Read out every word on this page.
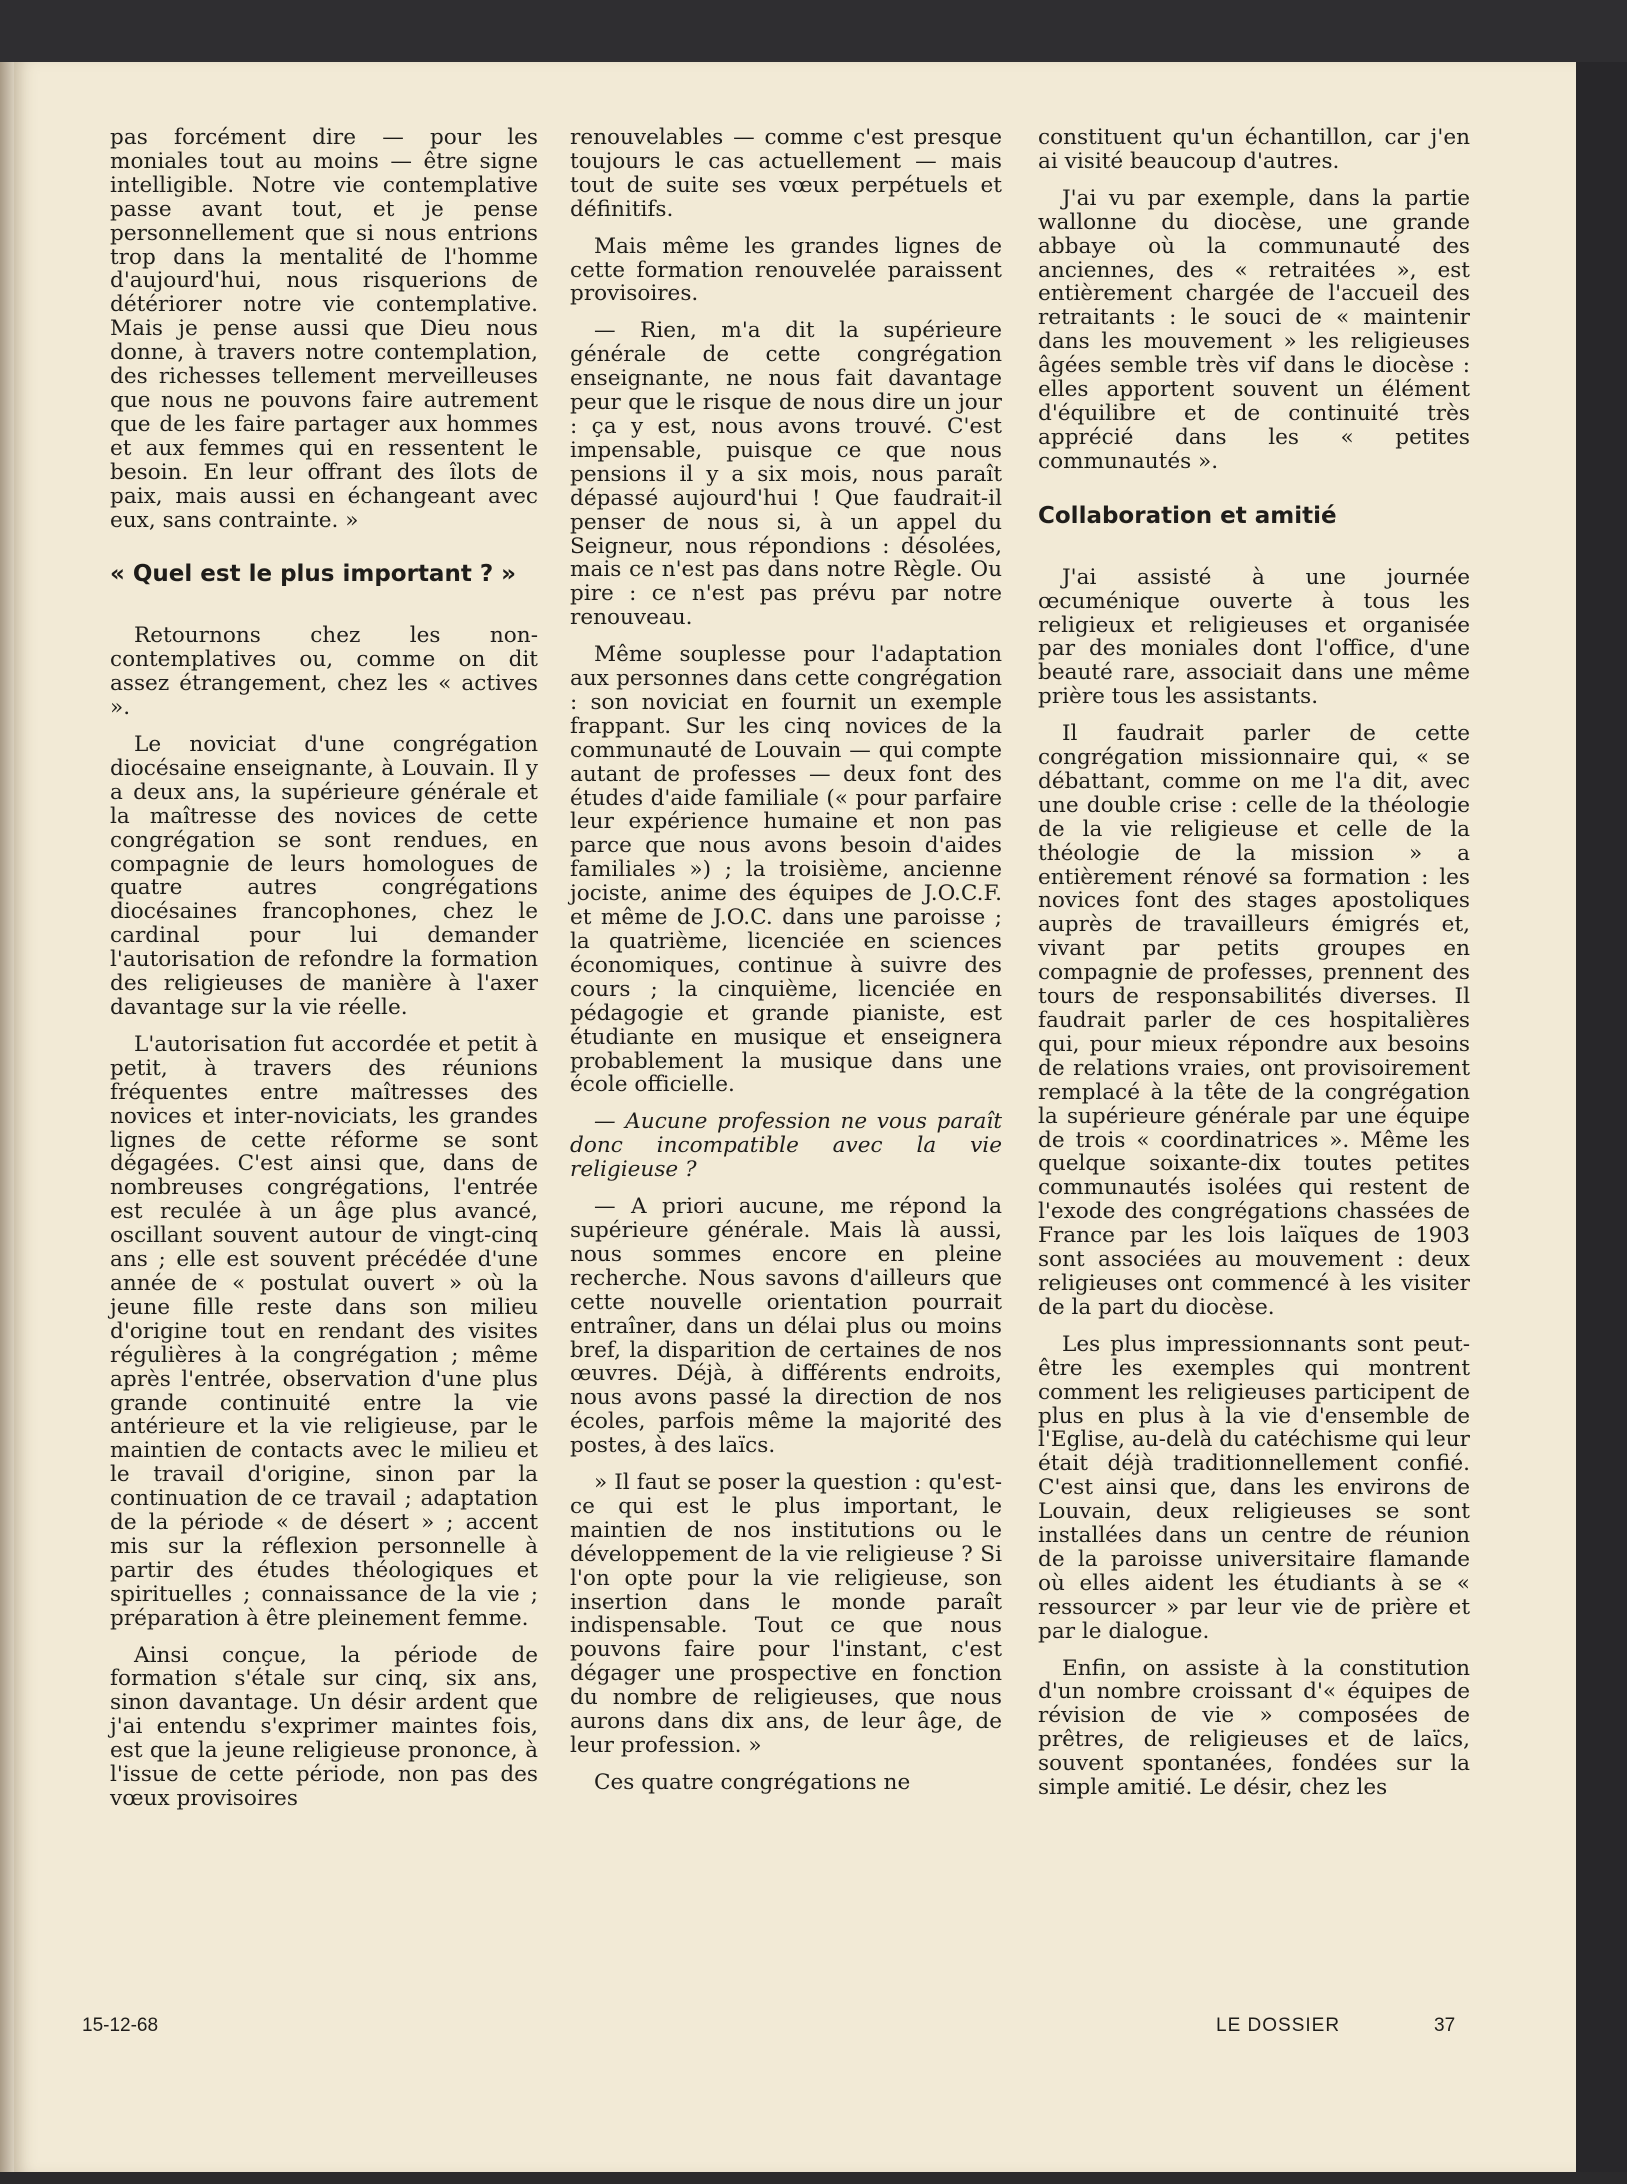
pas forcément dire — pour les moniales tout au moins — être signe intelligible. Notre vie contemplative passe avant tout, et je pense personnellement que si nous entrions trop dans la mentalité de l'homme d'aujourd'hui, nous risquerions de détériorer notre vie contemplative. Mais je pense aussi que Dieu nous donne, à travers notre contemplation, des richesses tellement merveilleuses que nous ne pouvons faire autrement que de les faire partager aux hommes et aux femmes qui en ressentent le besoin. En leur offrant des îlots de paix, mais aussi en échangeant avec eux, sans contrainte. »

« Quel est le plus important ? »

Retournons chez les non-contemplatives ou, comme on dit assez étrangement, chez les « actives ».

Le noviciat d'une congrégation diocésaine enseignante, à Louvain. Il y a deux ans, la supérieure générale et la maîtresse des novices de cette congrégation se sont rendues, en compagnie de leurs homologues de quatre autres congrégations diocésaines francophones, chez le cardinal pour lui demander l'autorisation de refondre la formation des religieuses de manière à l'axer davantage sur la vie réelle.

L'autorisation fut accordée et petit à petit, à travers des réunions fréquentes entre maîtresses des novices et inter-noviciats, les grandes lignes de cette réforme se sont dégagées. C'est ainsi que, dans de nombreuses congrégations, l'entrée est reculée à un âge plus avancé, oscillant souvent autour de vingt-cinq ans ; elle est souvent précédée d'une année de « postulat ouvert » où la jeune fille reste dans son milieu d'origine tout en rendant des visites régulières à la congrégation ; même après l'entrée, observation d'une plus grande continuité entre la vie antérieure et la vie religieuse, par le maintien de contacts avec le milieu et le travail d'origine, sinon par la continuation de ce travail ; adaptation de la période « de désert » ; accent mis sur la réflexion personnelle à partir des études théologiques et spirituelles ; connaissance de la vie ; préparation à être pleinement femme.

Ainsi conçue, la période de formation s'étale sur cinq, six ans, sinon davantage. Un désir ardent que j'ai entendu s'exprimer maintes fois, est que la jeune religieuse prononce, à l'issue de cette période, non pas des vœux provisoires

renouvelables — comme c'est presque toujours le cas actuellement — mais tout de suite ses vœux perpétuels et définitifs.

Mais même les grandes lignes de cette formation renouvelée paraissent provisoires.

— Rien, m'a dit la supérieure générale de cette congrégation enseignante, ne nous fait davantage peur que le risque de nous dire un jour : ça y est, nous avons trouvé. C'est impensable, puisque ce que nous pensions il y a six mois, nous paraît dépassé aujourd'hui ! Que faudrait-il penser de nous si, à un appel du Seigneur, nous répondions : désolées, mais ce n'est pas dans notre Règle. Ou pire : ce n'est pas prévu par notre renouveau.

Même souplesse pour l'adaptation aux personnes dans cette congrégation : son noviciat en fournit un exemple frappant. Sur les cinq novices de la communauté de Louvain — qui compte autant de professes — deux font des études d'aide familiale (« pour parfaire leur expérience humaine et non pas parce que nous avons besoin d'aides familiales ») ; la troisième, ancienne jociste, anime des équipes de J.O.C.F. et même de J.O.C. dans une paroisse ; la quatrième, licenciée en sciences économiques, continue à suivre des cours ; la cinquième, licenciée en pédagogie et grande pianiste, est étudiante en musique et enseignera probablement la musique dans une école officielle.

— Aucune profession ne vous paraît donc incompatible avec la vie religieuse ?

— A priori aucune, me répond la supérieure générale. Mais là aussi, nous sommes encore en pleine recherche. Nous savons d'ailleurs que cette nouvelle orientation pourrait entraîner, dans un délai plus ou moins bref, la disparition de certaines de nos œuvres. Déjà, à différents endroits, nous avons passé la direction de nos écoles, parfois même la majorité des postes, à des laïcs.

» Il faut se poser la question : qu'est-ce qui est le plus important, le maintien de nos institutions ou le développement de la vie religieuse ? Si l'on opte pour la vie religieuse, son insertion dans le monde paraît indispensable. Tout ce que nous pouvons faire pour l'instant, c'est dégager une prospective en fonction du nombre de religieuses, que nous aurons dans dix ans, de leur âge, de leur profession. »

Ces quatre congrégations ne

constituent qu'un échantillon, car j'en ai visité beaucoup d'autres.

J'ai vu par exemple, dans la partie wallonne du diocèse, une grande abbaye où la communauté des anciennes, des « retraitées », est entièrement chargée de l'accueil des retraitants : le souci de « maintenir dans les mouvement » les religieuses âgées semble très vif dans le diocèse : elles apportent souvent un élément d'équilibre et de continuité très apprécié dans les « petites communautés ».

Collaboration et amitié

J'ai assisté à une journée œcuménique ouverte à tous les religieux et religieuses et organisée par des moniales dont l'office, d'une beauté rare, associait dans une même prière tous les assistants.

Il faudrait parler de cette congrégation missionnaire qui, « se débattant, comme on me l'a dit, avec une double crise : celle de la théologie de la vie religieuse et celle de la théologie de la mission » a entièrement rénové sa formation : les novices font des stages apostoliques auprès de travailleurs émigrés et, vivant par petits groupes en compagnie de professes, prennent des tours de responsabilités diverses. Il faudrait parler de ces hospitalières qui, pour mieux répondre aux besoins de relations vraies, ont provisoirement remplacé à la tête de la congrégation la supérieure générale par une équipe de trois « coordinatrices ». Même les quelque soixante-dix toutes petites communautés isolées qui restent de l'exode des congrégations chassées de France par les lois laïques de 1903 sont associées au mouvement : deux religieuses ont commencé à les visiter de la part du diocèse.

Les plus impressionnants sont peut-être les exemples qui montrent comment les religieuses participent de plus en plus à la vie d'ensemble de l'Eglise, au-delà du catéchisme qui leur était déjà traditionnellement confié. C'est ainsi que, dans les environs de Louvain, deux religieuses se sont installées dans un centre de réunion de la paroisse universitaire flamande où elles aident les étudiants à se « ressourcer » par leur vie de prière et par le dialogue.

Enfin, on assiste à la constitution d'un nombre croissant d'« équipes de révision de vie » composées de prêtres, de religieuses et de laïcs, souvent spontanées, fondées sur la simple amitié. Le désir, chez les

15-12-68	LE DOSSIER	37
